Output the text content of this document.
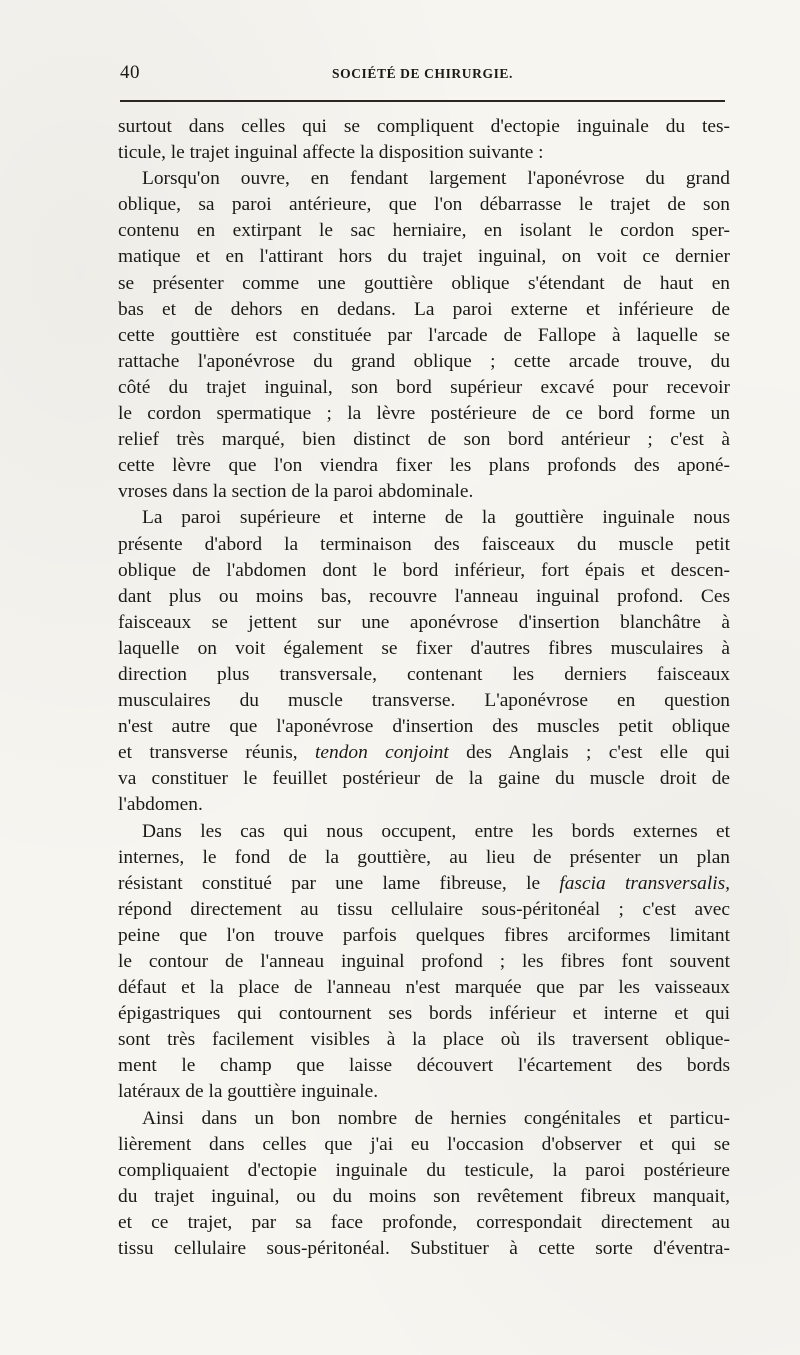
40	SOCIÉTÉ DE CHIRURGIE.
surtout dans celles qui se compliquent d'ectopie inguinale du tes-
ticule, le trajet inguinal affecte la disposition suivante :
Lorsqu'on ouvre, en fendant largement l'aponévrose du grand
oblique, sa paroi antérieure, que l'on débarrasse le trajet de son
contenu en extirpant le sac herniaire, en isolant le cordon sper-
matique et en l'attirant hors du trajet inguinal, on voit ce dernier
se présenter comme une gouttière oblique s'étendant de haut en
bas et de dehors en dedans. La paroi externe et inférieure de
cette gouttière est constituée par l'arcade de Fallope à laquelle se
rattache l'aponévrose du grand oblique ; cette arcade trouve, du
côté du trajet inguinal, son bord supérieur excavé pour recevoir
le cordon spermatique ; la lèvre postérieure de ce bord forme un
relief très marqué, bien distinct de son bord antérieur ; c'est à
cette lèvre que l'on viendra fixer les plans profonds des aponé-
vroses dans la section de la paroi abdominale.
La paroi supérieure et interne de la gouttière inguinale nous
présente d'abord la terminaison des faisceaux du muscle petit
oblique de l'abdomen dont le bord inférieur, fort épais et descen-
dant plus ou moins bas, recouvre l'anneau inguinal profond. Ces
faisceaux se jettent sur une aponévrose d'insertion blanchâtre à
laquelle on voit également se fixer d'autres fibres musculaires à
direction plus transversale, contenant les derniers faisceaux
musculaires du muscle transverse. L'aponévrose en question
n'est autre que l'aponévrose d'insertion des muscles petit oblique
et transverse réunis, tendon conjoint des Anglais ; c'est elle qui
va constituer le feuillet postérieur de la gaine du muscle droit de
l'abdomen.
Dans les cas qui nous occupent, entre les bords externes et
internes, le fond de la gouttière, au lieu de présenter un plan
résistant constitué par une lame fibreuse, le fascia transversalis,
répond directement au tissu cellulaire sous-péritonéal ; c'est avec
peine que l'on trouve parfois quelques fibres arciformes limitant
le contour de l'anneau inguinal profond ; les fibres font souvent
défaut et la place de l'anneau n'est marquée que par les vaisseaux
épigastriques qui contournent ses bords inférieur et interne et qui
sont très facilement visibles à la place où ils traversent oblique-
ment le champ que laisse découvert l'écartement des bords
latéraux de la gouttière inguinale.
Ainsi dans un bon nombre de hernies congénitales et particu-
lièrement dans celles que j'ai eu l'occasion d'observer et qui se
compliquaient d'ectopie inguinale du testicule, la paroi postérieure
du trajet inguinal, ou du moins son revêtement fibreux manquait,
et ce trajet, par sa face profonde, correspondait directement au
tissu cellulaire sous-péritonéal. Substituer à cette sorte d'éventra-
